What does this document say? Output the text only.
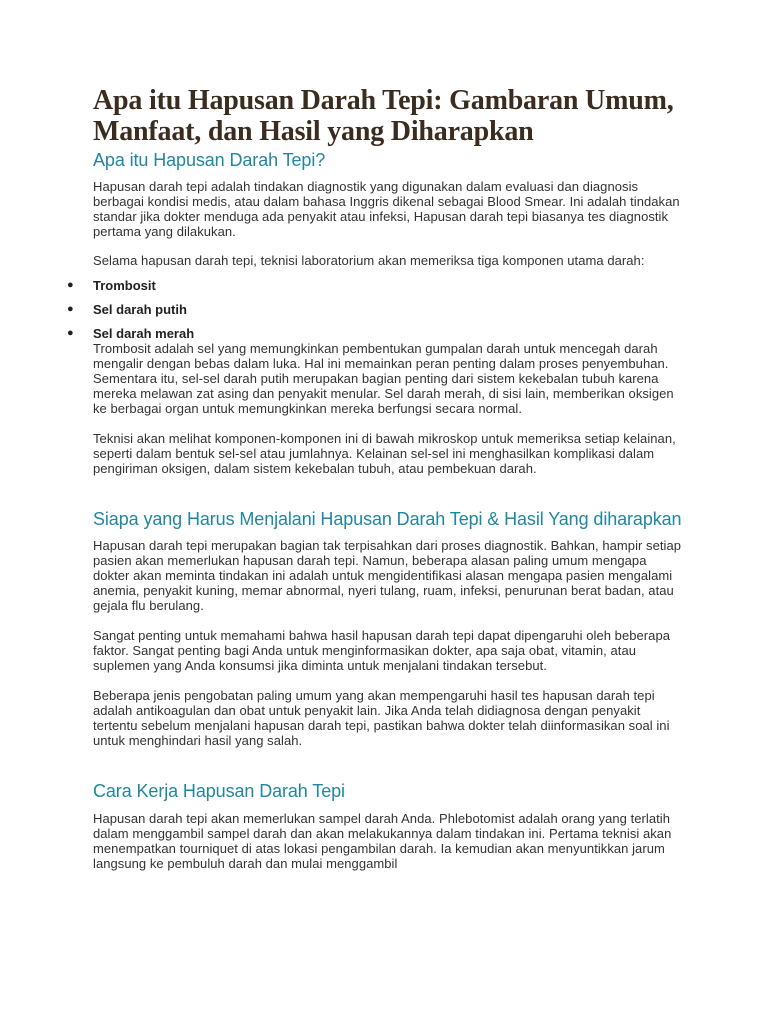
Apa itu Hapusan Darah Tepi: Gambaran Umum, Manfaat, dan Hasil yang Diharapkan
Apa itu Hapusan Darah Tepi?

Hapusan darah tepi adalah tindakan diagnostik yang digunakan dalam evaluasi dan diagnosis berbagai kondisi medis, atau dalam bahasa Inggris dikenal sebagai Blood Smear. Ini adalah tindakan standar jika dokter menduga ada penyakit atau infeksi, Hapusan darah tepi biasanya tes diagnostik pertama yang dilakukan.

Selama hapusan darah tepi, teknisi laboratorium akan memeriksa tiga komponen utama darah:

● Trombosit
● Sel darah putih
● Sel darah merah

Trombosit adalah sel yang memungkinkan pembentukan gumpalan darah untuk mencegah darah mengalir dengan bebas dalam luka. Hal ini memainkan peran penting dalam proses penyembuhan. Sementara itu, sel-sel darah putih merupakan bagian penting dari sistem kekebalan tubuh karena mereka melawan zat asing dan penyakit menular. Sel darah merah, di sisi lain, memberikan oksigen ke berbagai organ untuk memungkinkan mereka berfungsi secara normal.

Teknisi akan melihat komponen-komponen ini di bawah mikroskop untuk memeriksa setiap kelainan, seperti dalam bentuk sel-sel atau jumlahnya. Kelainan sel-sel ini menghasilkan komplikasi dalam pengiriman oksigen, dalam sistem kekebalan tubuh, atau pembekuan darah.

Siapa yang Harus Menjalani Hapusan Darah Tepi & Hasil Yang diharapkan

Hapusan darah tepi merupakan bagian tak terpisahkan dari proses diagnostik. Bahkan, hampir setiap pasien akan memerlukan hapusan darah tepi. Namun, beberapa alasan paling umum mengapa dokter akan meminta tindakan ini adalah untuk mengidentifikasi alasan mengapa pasien mengalami anemia, penyakit kuning, memar abnormal, nyeri tulang, ruam, infeksi, penurunan berat badan, atau gejala flu berulang.

Sangat penting untuk memahami bahwa hasil hapusan darah tepi dapat dipengaruhi oleh beberapa faktor. Sangat penting bagi Anda untuk menginformasikan dokter, apa saja obat, vitamin, atau suplemen yang Anda konsumsi jika diminta untuk menjalani tindakan tersebut.

Beberapa jenis pengobatan paling umum yang akan mempengaruhi hasil tes hapusan darah tepi adalah antikoagulan dan obat untuk penyakit lain. Jika Anda telah didiagnosa dengan penyakit tertentu sebelum menjalani hapusan darah tepi, pastikan bahwa dokter telah diinformasikan soal ini untuk menghindari hasil yang salah.

Cara Kerja Hapusan Darah Tepi

Hapusan darah tepi akan memerlukan sampel darah Anda. Phlebotomist adalah orang yang terlatih dalam menggambil sampel darah dan akan melakukannya dalam tindakan ini. Pertama teknisi akan menempatkan tourniquet di atas lokasi pengambilan darah. Ia kemudian akan menyuntikkan jarum langsung ke pembuluh darah dan mulai menggambil
